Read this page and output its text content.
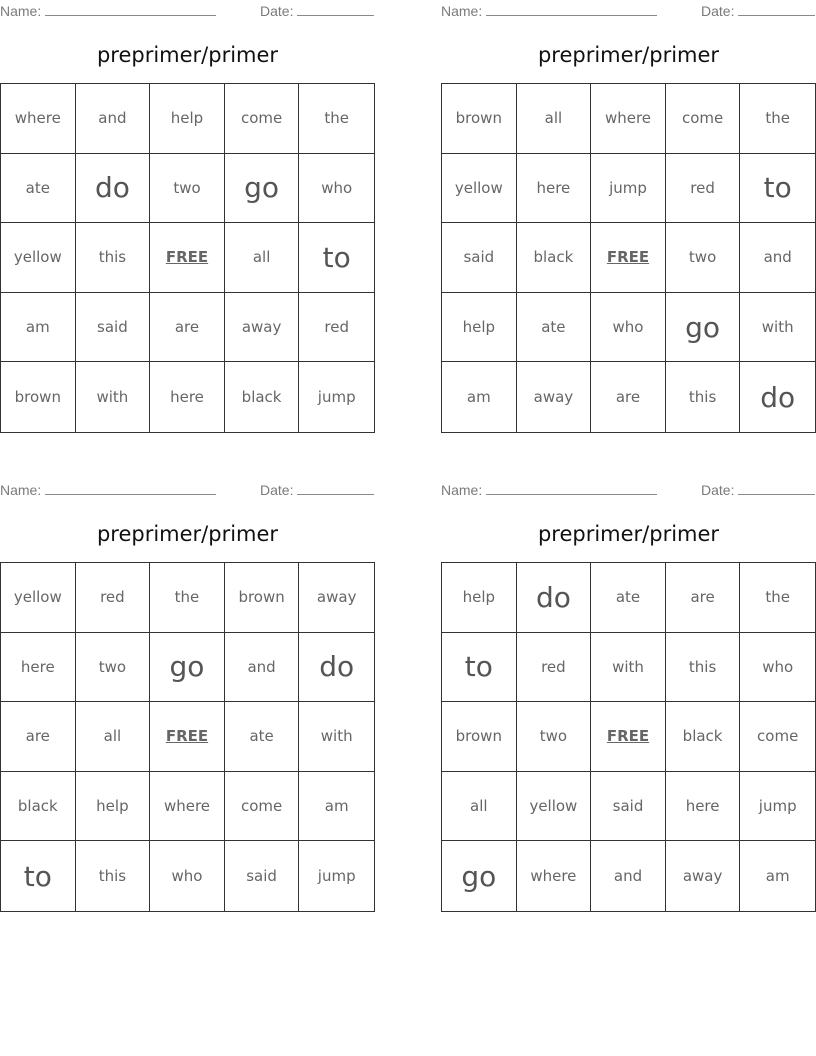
Name:	Date:
preprimer/primer
where	and	help	come	the
ate	do	two	go	who
yellow	this	FREE	all	to
am	said	are	away	red
brown	with	here	black	jump
Name:	Date:
preprimer/primer
brown	all	where	come	the
yellow	here	jump	red	to
said	black	FREE	two	and
help	ate	who	go	with
am	away	are	this	do
Name:	Date:
preprimer/primer
yellow	red	the	brown	away
here	two	go	and	do
are	all	FREE	ate	with
black	help	where	come	am
to	this	who	said	jump
Name:	Date:
preprimer/primer
help	do	ate	are	the
to	red	with	this	who
brown	two	FREE	black	come
all	yellow	said	here	jump
go	where	and	away	am
